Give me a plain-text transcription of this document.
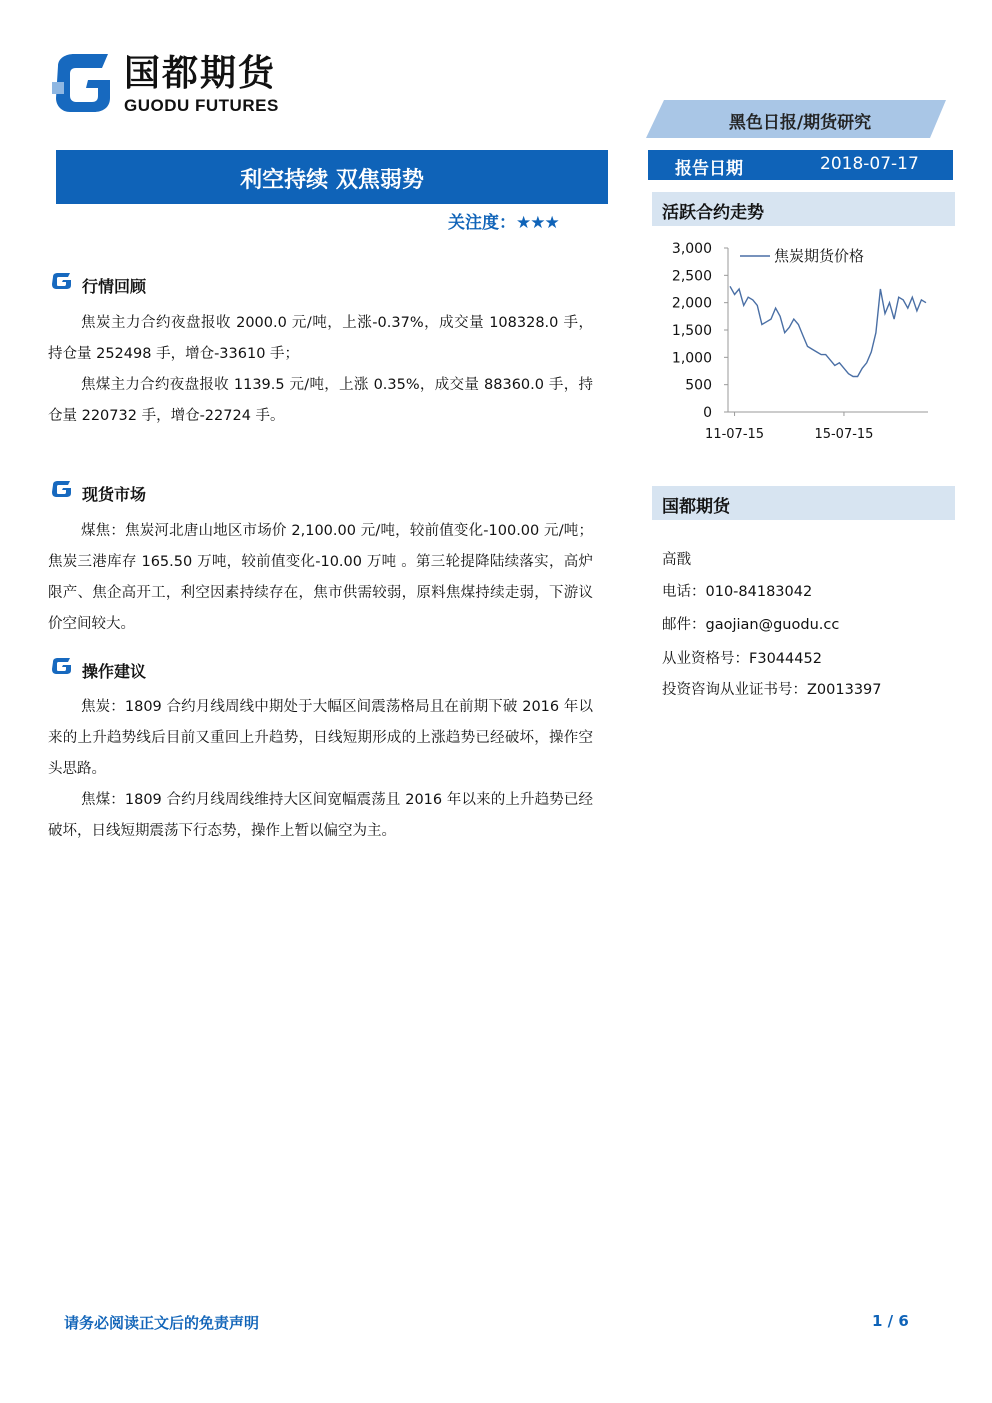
国都期货
GUODU FUTURES
黑色日报/期货研究
报告日期	2018-07-17
利空持续 双焦弱势
关注度：★★★
行情回顾

焦炭主力合约夜盘报收 2000.0 元/吨，上涨-0.37%，成交量 108328.0 手，持仓量 252498 手，增仓-33610 手；

焦煤主力合约夜盘报收 1139.5 元/吨，上涨 0.35%，成交量 88360.0 手，持仓量 220732 手，增仓-22724 手。

现货市场

煤焦：焦炭河北唐山地区市场价 2,100.00 元/吨，较前值变化-100.00 元/吨；焦炭三港库存 165.50 万吨，较前值变化-10.00 万吨 。第三轮提降陆续落实，高炉限产、焦企高开工，利空因素持续存在，焦市供需较弱，原料焦煤持续走弱，下游议价空间较大。

操作建议

焦炭：1809 合约月线周线中期处于大幅区间震荡格局且在前期下破 2016 年以来的上升趋势线后目前又重回上升趋势，日线短期形成的上涨趋势已经破坏，操作空头思路。

焦煤：1809 合约月线周线维持大区间宽幅震荡且 2016 年以来的上升趋势已经破坏，日线短期震荡下行态势，操作上暂以偏空为主。

活跃合约走势
0
500
1,000
1,500
2,000
2,500
3,000
11-07-15	15-07-15
焦炭期货价格
国都期货
高戬
电话：010-84183042
邮件：gaojian@guodu.cc
从业资格号：F3044452
投资咨询从业证书号：Z0013397
请务必阅读正文后的免责声明	1 / 6
